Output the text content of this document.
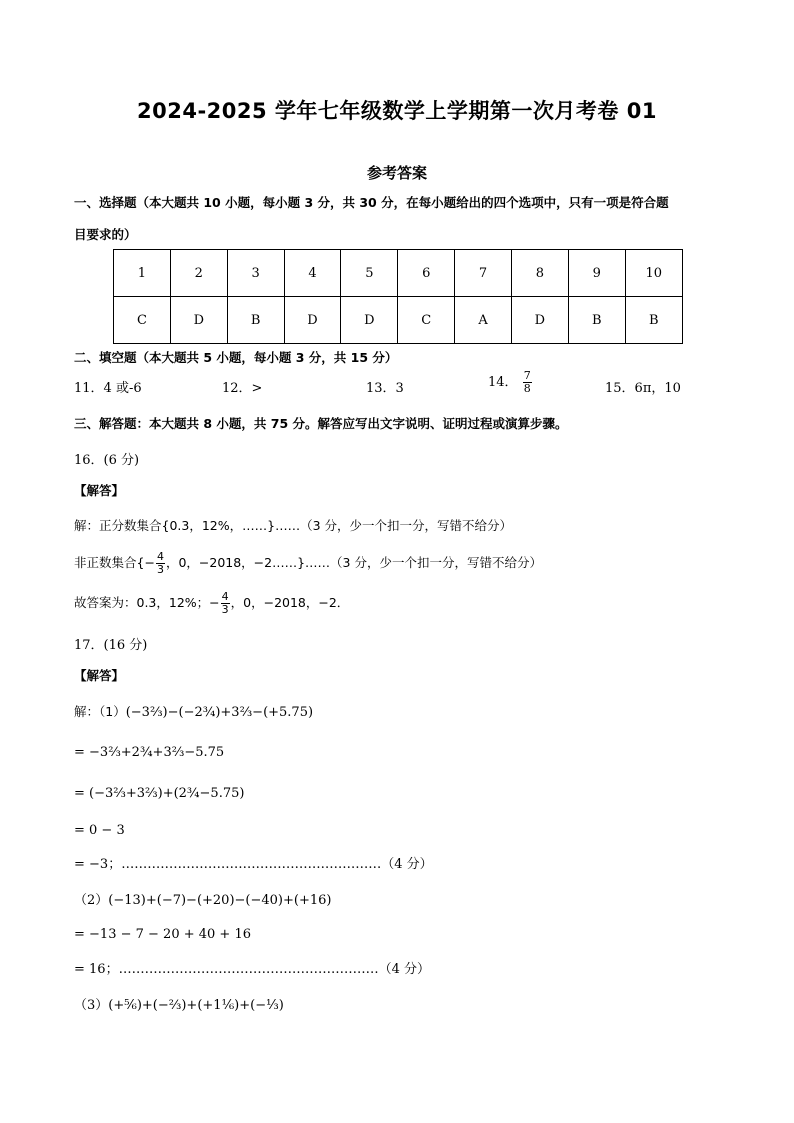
2024-2025 学年七年级数学上学期第一次月考卷 01
参考答案
一、选择题（本大题共 10 小题，每小题 3 分，共 30 分，在每小题给出的四个选项中，只有一项是符合题
目要求的）
1	2	3	4	5	6	7	8	9	10
C	D	B	D	D	C	A	D	B	B
二、填空题（本大题共 5 小题，每小题 3 分，共 15 分）
11．4 或-6	12．>	13．3	14． $\frac{7}{8}$	15．6π，10
三、解答题：本大题共 8 小题，共 75 分。解答应写出文字说明、证明过程或演算步骤。
16．(6 分)
【解答】
解：正分数集合{0.3，12%，……}……（3 分，少一个扣一分，写错不给分）
非正数集合{− $\frac{4}{3}$ ，0，−2018，−2……}……（3 分，少一个扣一分，写错不给分）
故答案为：0.3，12%；− $\frac{4}{3}$ ，0，−2018，−2．
17．(16 分)
【解答】
解：（1）(−3⅔)−(−2¾)+3⅔−(+5.75)
= −3⅔+2¾+3⅔−5.75
= (−3⅔+3⅔)+(2¾−5.75)
= 0 − 3
= −3；……………………………………………………（4 分）
（2）(−13)+(−7)−(+20)−(−40)+(+16)
= −13 − 7 − 20 + 40 + 16
= 16；……………………………………………………（4 分）
（3）(+⅚)+(−⅔)+(+1⅙)+(−⅓)
